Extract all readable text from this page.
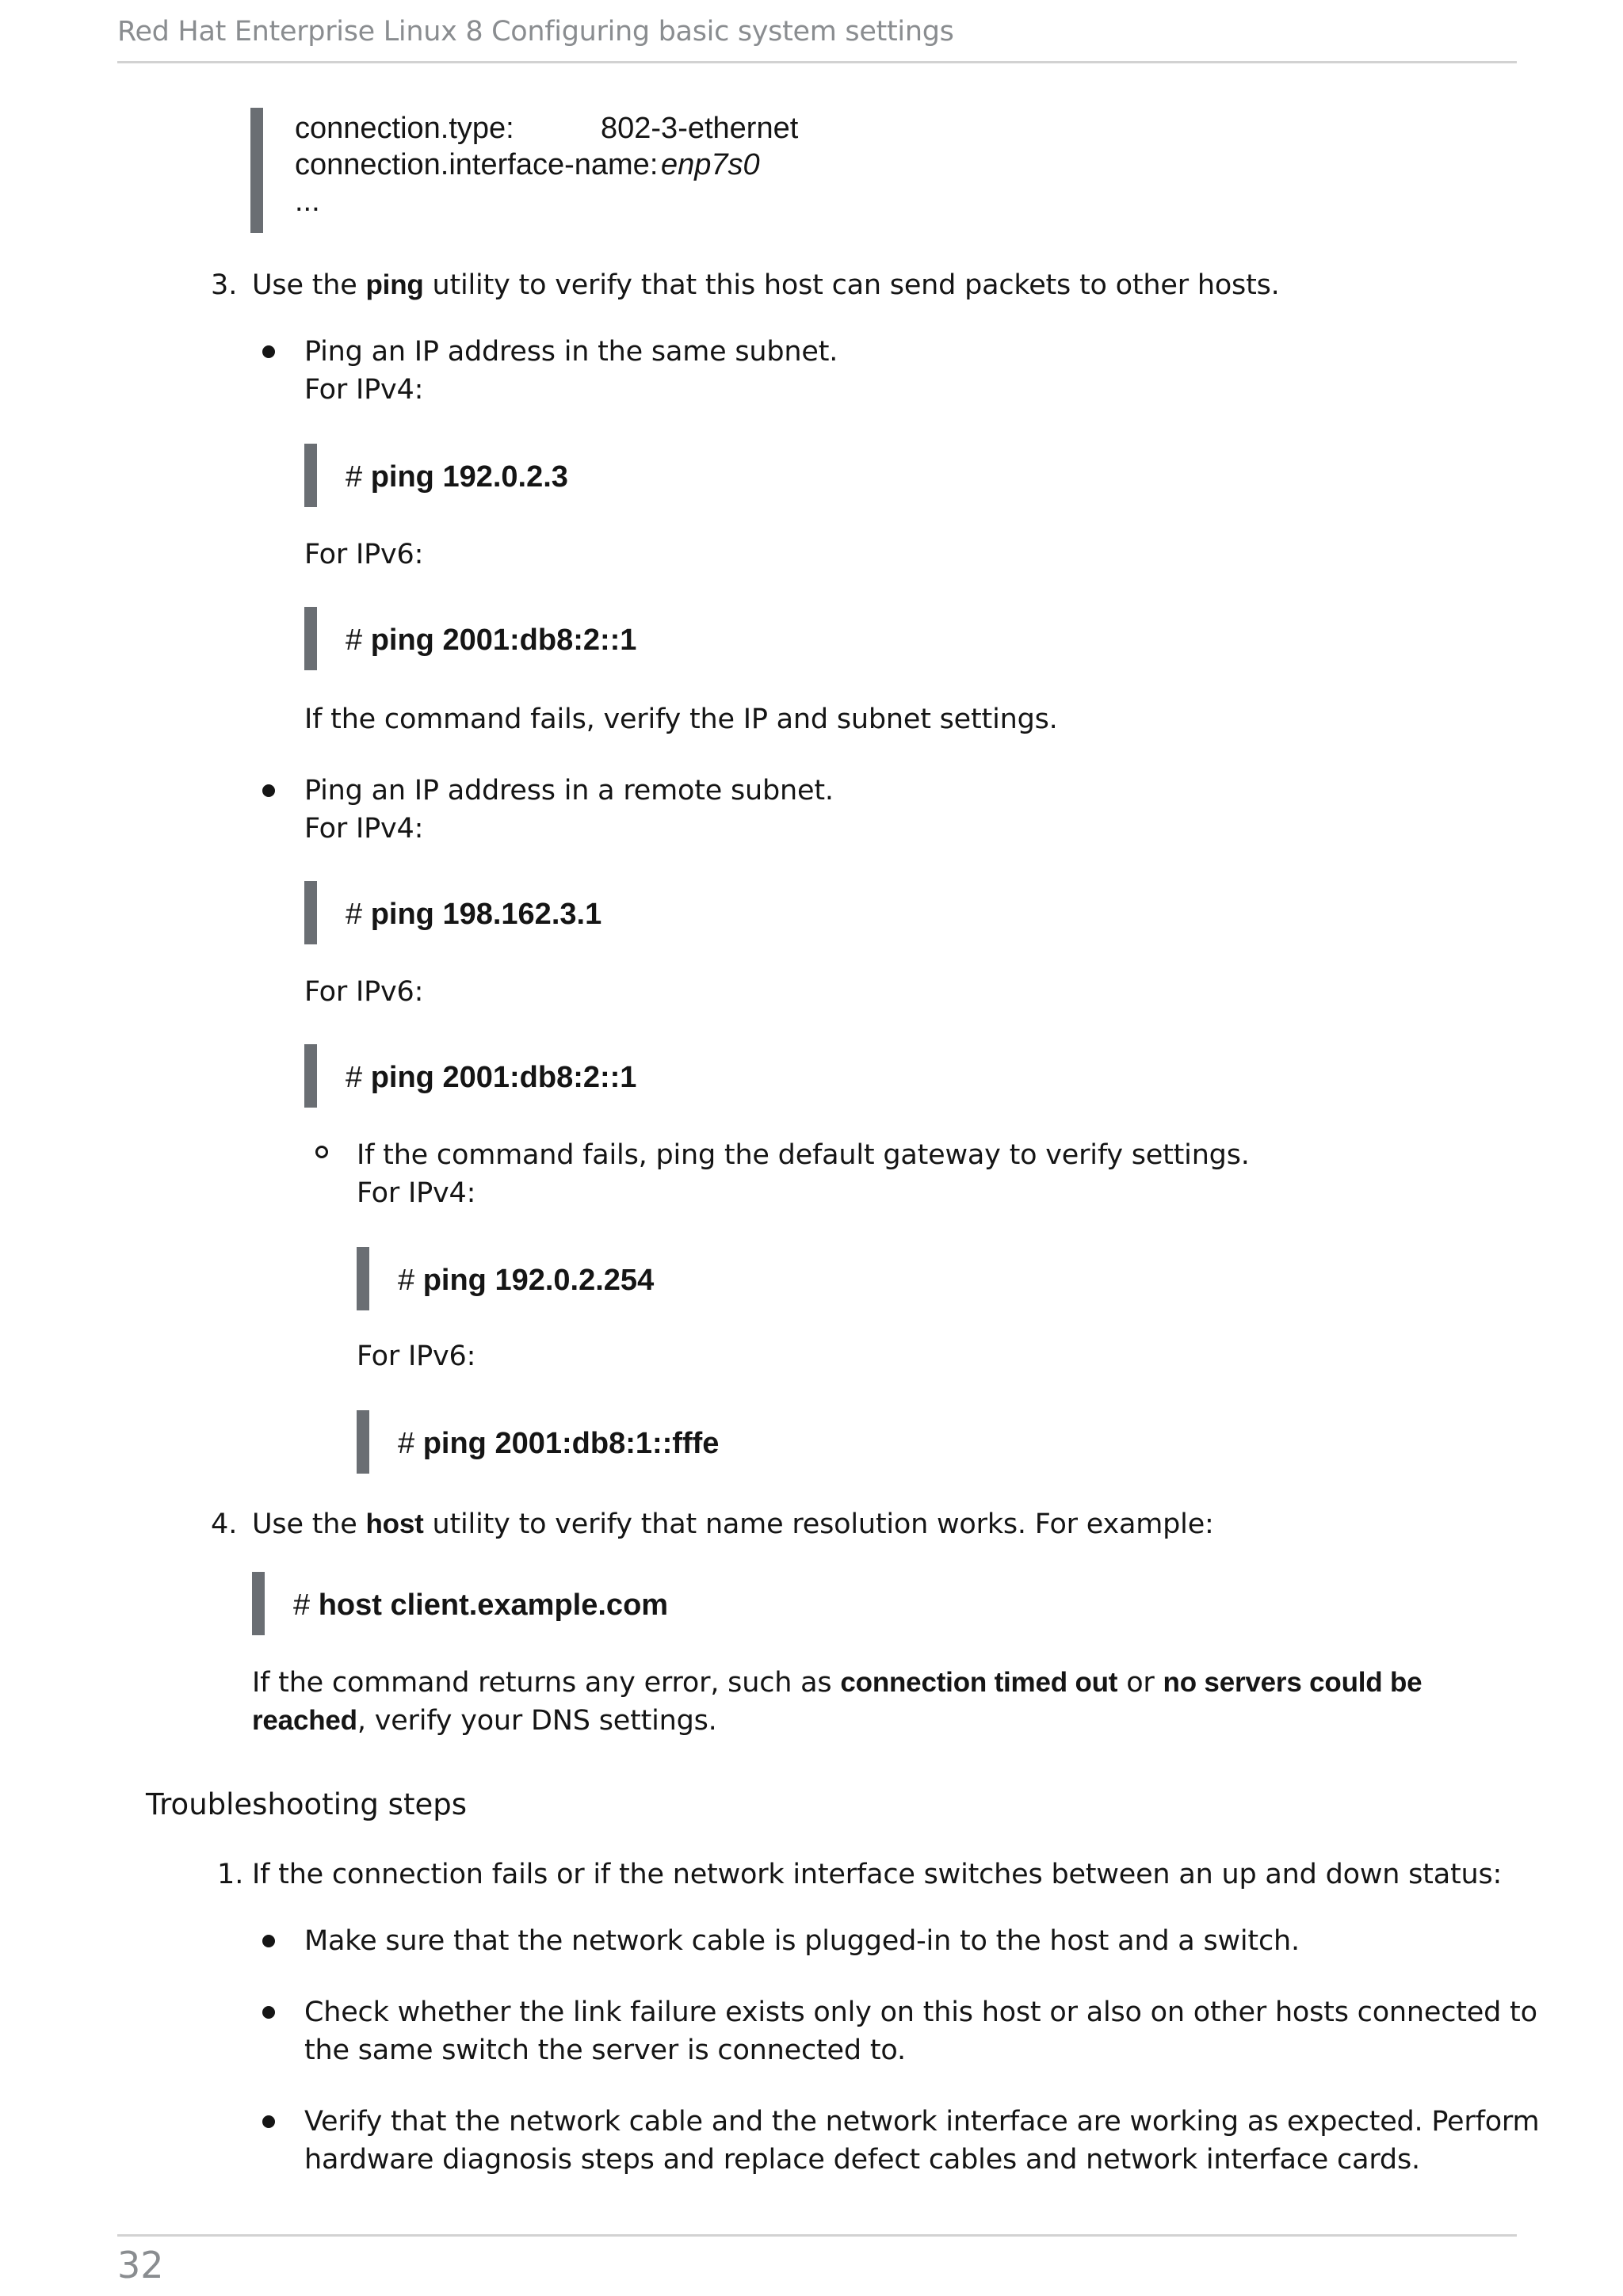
Red Hat Enterprise Linux 8 Configuring basic system settings
connection.type:	802-3-ethernet
connection.interface-name: enp7s0
...
3. Use the ping utility to verify that this host can send packets to other hosts.
Ping an IP address in the same subnet.
For IPv4:
# ping 192.0.2.3
For IPv6:
# ping 2001:db8:2::1
If the command fails, verify the IP and subnet settings.
Ping an IP address in a remote subnet.
For IPv4:
# ping 198.162.3.1
For IPv6:
# ping 2001:db8:2::1
If the command fails, ping the default gateway to verify settings.
For IPv4:
# ping 192.0.2.254
For IPv6:
# ping 2001:db8:1::fffe
4. Use the host utility to verify that name resolution works. For example:
# host client.example.com
If the command returns any error, such as connection timed out or no servers could be
reached, verify your DNS settings.
Troubleshooting steps
1. If the connection fails or if the network interface switches between an up and down status:
Make sure that the network cable is plugged-in to the host and a switch.
Check whether the link failure exists only on this host or also on other hosts connected to
the same switch the server is connected to.
Verify that the network cable and the network interface are working as expected. Perform
hardware diagnosis steps and replace defect cables and network interface cards.
32
